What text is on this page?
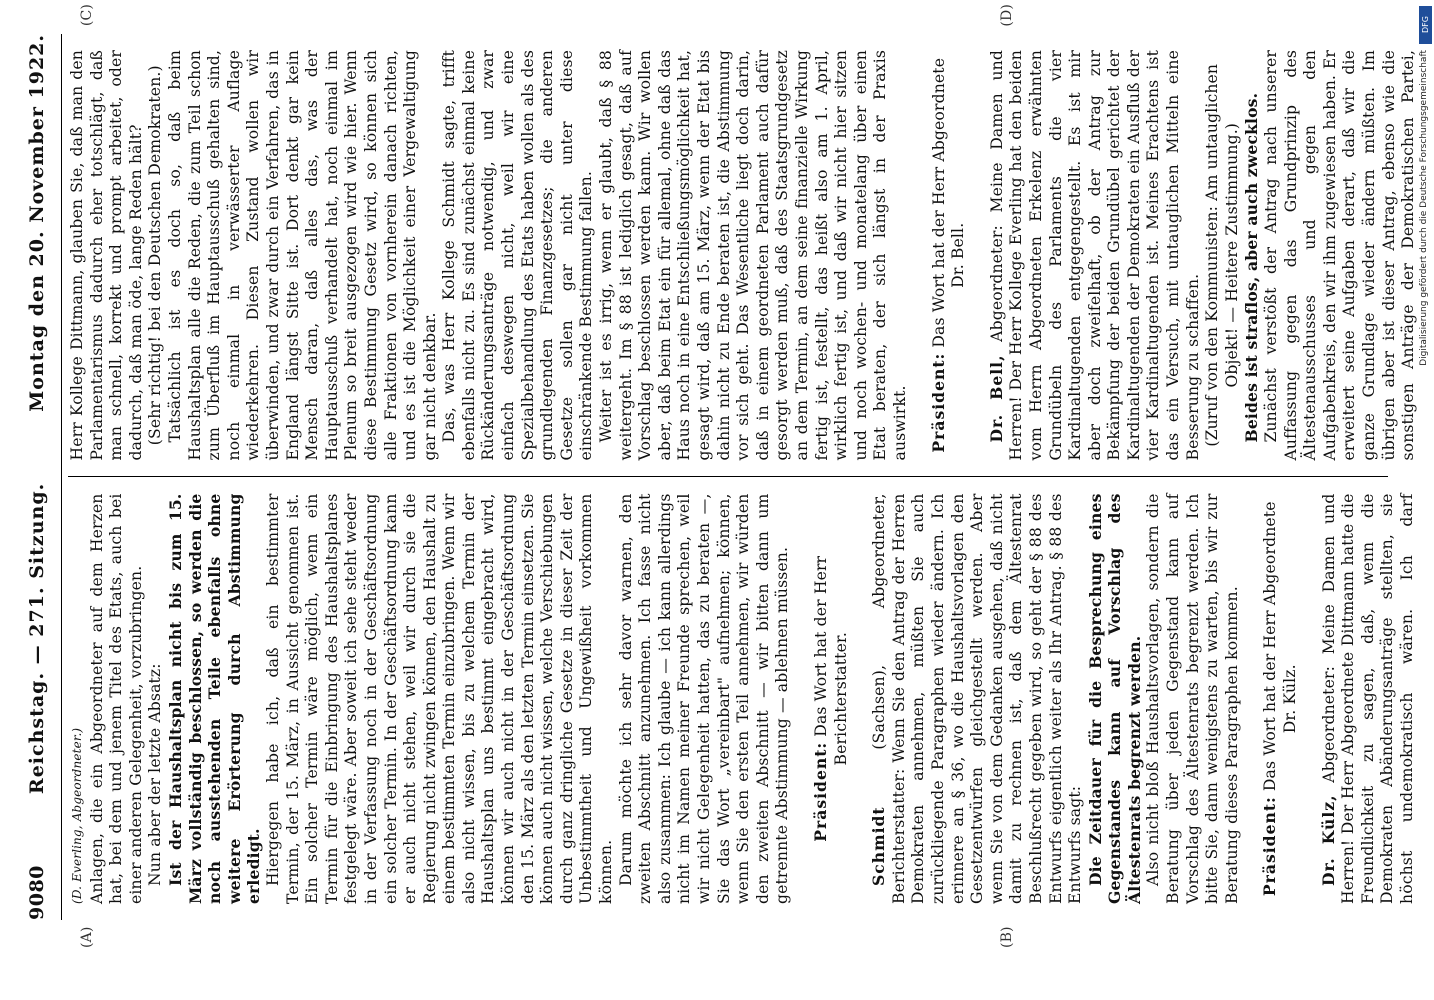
9080
Reichstag. — 271. Sitzung.
Montag den 20. November 1922.
(A)	(B)

(D. Everling, Abgeordneter.) Anlagen, die ein Abgeordneter auf dem Herzen hat, bei dem und jenem Titel des Etats, auch bei einer anderen Gelegenheit, vorzubringen. Nun aber der letzte Absatz: Ist der Haushaltsplan nicht bis zum 15. März vollständig beschlossen, so werden die noch ausstehenden Teile ebenfalls ohne weitere Erörterung durch Abstimmung erledigt. Hiergegen habe ich, daß ein bestimmter Termin, der 15. März, in Aussicht genommen ist. Ein solcher Termin wäre möglich, wenn ein Termin für die Einbringung des Haushaltsplanes festgelegt wäre. Aber soweit ich sehe steht weder in der Verfassung noch in der Geschäftsordnung ein solcher Termin. In der Geschäftsordnung kann er auch nicht stehen, weil wir durch sie die Regierung nicht zwingen können, den Haushalt zu einem bestimmten Termin einzubringen. Wenn wir also nicht wissen, bis zu welchem Termin der Haushaltsplan uns bestimmt eingebracht wird, können wir auch nicht in der Geschäftsordnung den 15. März als den letzten Termin einsetzen. Sie können auch nicht wissen, welche Verschiebungen durch ganz dringliche Gesetze in dieser Zeit der Unbestimmtheit und Ungewißheit vorkommen können. Darum möchte ich sehr davor warnen, den zweiten Abschnitt anzunehmen. Ich fasse nicht also zusammen: Ich glaube — ich kann allerdings nicht im Namen meiner Freunde sprechen, weil wir nicht Gelegenheit hatten, das zu beraten —, Sie das Wort „vereinbart" aufnehmen; können, wenn Sie den ersten Teil annehmen, wir würden den zweiten Abschnitt — wir bitten dann um getrennte Abstimmung — ablehnen müssen. Präsident: Das Wort hat der Herr Berichterstatter.

Schmidt (Sachsen), Abgeordneter, Berichterstatter: Wenn Sie den Antrag der Herren Demokraten annehmen, müßten Sie auch zurückliegende Paragraphen wieder ändern. Ich erinnere an § 36, wo die Haushaltsvorlagen den Gesetzentwürfen gleichgestellt werden. Aber wenn Sie von dem Gedanken ausgehen, daß nicht damit zu rechnen ist, daß dem Ältestenrat Beschlußrecht gegeben wird, so geht der § 88 des Entwurfs eigentlich weiter als Ihr Antrag. § 88 des Entwurfs sagt: Die Zeitdauer für die Besprechung eines Gegenstandes kann auf Vorschlag des Ältestenrats begrenzt werden. Also nicht bloß Haushaltsvorlagen, sondern die Beratung über jeden Gegenstand kann auf Vorschlag des Ältestenrats begrenzt werden. Ich bitte Sie, dann wenigstens zu warten, bis wir zur Beratung dieses Paragraphen kommen. Präsident: Das Wort hat der Herr Abgeordnete Dr. Külz.

Dr. Külz, Abgeordneter: Meine Damen und Herren! Der Herr Abgeordnete Dittmann hatte die Freundlichkeit zu sagen, daß, wenn die Demokraten Abänderungsanträge stellten, sie höchst undemokratisch wären. Ich darf

(C)	(D)

Herr Kollege Dittmann, glauben Sie, daß man den Parlamentarismus dadurch eher totschlägt, daß man schnell, korrekt und prompt arbeitet, oder dadurch, daß man öde, lange Reden hält? (Sehr richtig! bei den Deutschen Demokraten.) Tatsächlich ist es doch so, daß beim Haushaltsplan alle die Reden, die zum Teil schon zum Überfluß im Hauptausschuß gehalten sind, noch einmal in verwässerter Auflage wiederkehren. Diesen Zustand wollen wir überwinden, und zwar durch ein Verfahren, das in England längst Sitte ist. Dort denkt gar kein Mensch daran, daß alles das, was der Hauptausschuß verhandelt hat, noch einmal im Plenum so breit ausgezogen wird wie hier. Wenn diese Bestimmung Gesetz wird, so können sich alle Fraktionen von vornherein danach richten, und es ist die Möglichkeit einer Vergewaltigung gar nicht denkbar. Das, was Herr Kollege Schmidt sagte, trifft ebenfalls nicht zu. Es sind zunächst einmal keine Rückänderungsanträge notwendig, und zwar einfach deswegen nicht, weil wir eine Spezialbehandlung des Etats haben wollen als des grundlegenden Finanzgesetzes; die anderen Gesetze sollen gar nicht unter diese einschränkende Bestimmung fallen. Weiter ist es irrig, wenn er glaubt, daß § 88 weitergeht. Im § 88 ist lediglich gesagt, daß auf Vorschlag beschlossen werden kann. Wir wollen aber, daß beim Etat ein für allemal, ohne daß das Haus noch in eine Entschließungsmöglichkeit hat, gesagt wird, daß am 15. März, wenn der Etat bis dahin nicht zu Ende beraten ist, die Abstimmung vor sich geht. Das Wesentliche liegt doch darin, daß in einem geordneten Parlament auch dafür gesorgt werden muß, daß des Staatsgrundgesetz an dem Termin, an dem seine finanzielle Wirkung fertig ist, festellt, das heißt also am 1. April, wirklich fertig ist, und daß wir nicht hier sitzen und noch wochen- und monatelang über einen Etat beraten, der sich längst in der Praxis auswirkt. Präsident: Das Wort hat der Herr Abgeordnete Dr. Bell.

Dr. Bell, Abgeordneter: Meine Damen und Herren! Der Herr Kollege Everling hat den beiden vom Herrn Abgeordneten Erkelenz erwähnten Grundübeln des Parlaments die vier Kardinaltugenden entgegengestellt. Es ist mir aber doch zweifelhaft, ob der Antrag zur Bekämpfung der beiden Grundübel gerichtet der Kardinaltugenden der Demokraten ein Ausfluß der vier Kardinaltugenden ist. Meines Erachtens ist das ein Versuch, mit untauglichen Mitteln eine Besserung zu schaffen. (Zuruf von den Kommunisten: Am untauglichen Objekt! — Heitere Zustimmung.) Beides ist straflos, aber auch zwecklos. Zunächst verstößt der Antrag nach unserer Auffassung gegen das Grundprinzip des Ältestenausschusses und gegen den Aufgabenkreis, den wir ihm zugewiesen haben. Er erweitert seine Aufgaben derart, daß wir die ganze Grundlage wieder ändern müßten. Im übrigen aber ist dieser Antrag, ebenso wie die sonstigen Anträge der Demokratischen Partei,

DFG
Digitalisierung gefördert durch die Deutsche Forschungsgemeinschaft
